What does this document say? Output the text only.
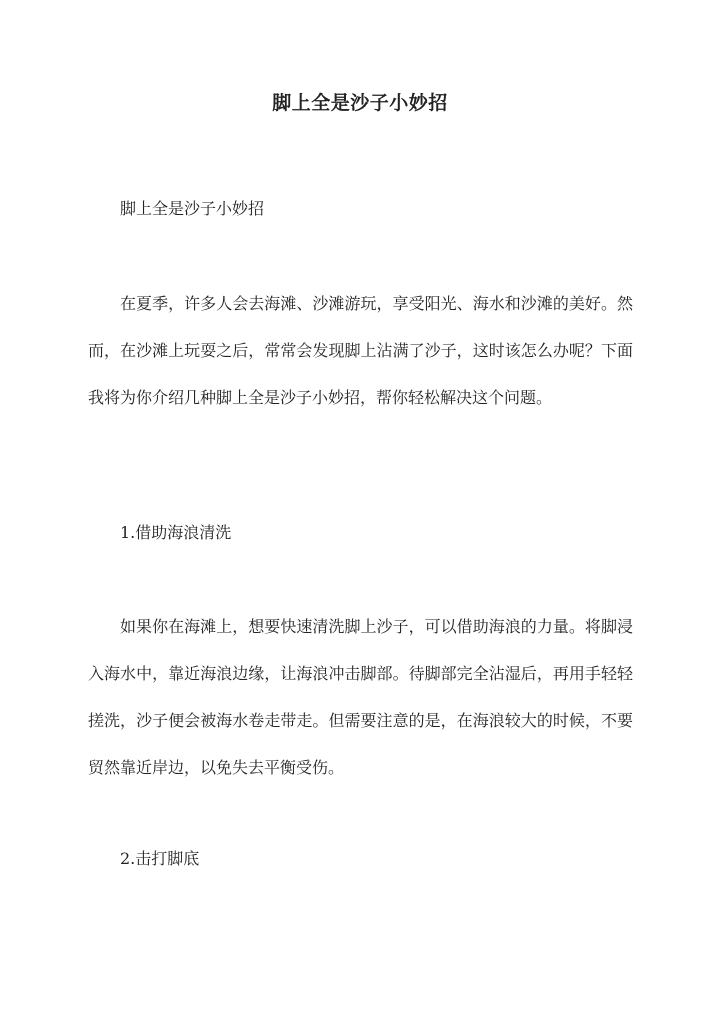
脚上全是沙子小妙招

脚上全是沙子小妙招

在夏季，许多人会去海滩、沙滩游玩，享受阳光、海水和沙滩的美好。然而，在沙滩上玩耍之后，常常会发现脚上沾满了沙子，这时该怎么办呢？下面我将为你介绍几种脚上全是沙子小妙招，帮你轻松解决这个问题。

1.借助海浪清洗

如果你在海滩上，想要快速清洗脚上沙子，可以借助海浪的力量。将脚浸入海水中，靠近海浪边缘，让海浪冲击脚部。待脚部完全沾湿后，再用手轻轻搓洗，沙子便会被海水卷走带走。但需要注意的是，在海浪较大的时候，不要贸然靠近岸边，以免失去平衡受伤。

2.击打脚底
